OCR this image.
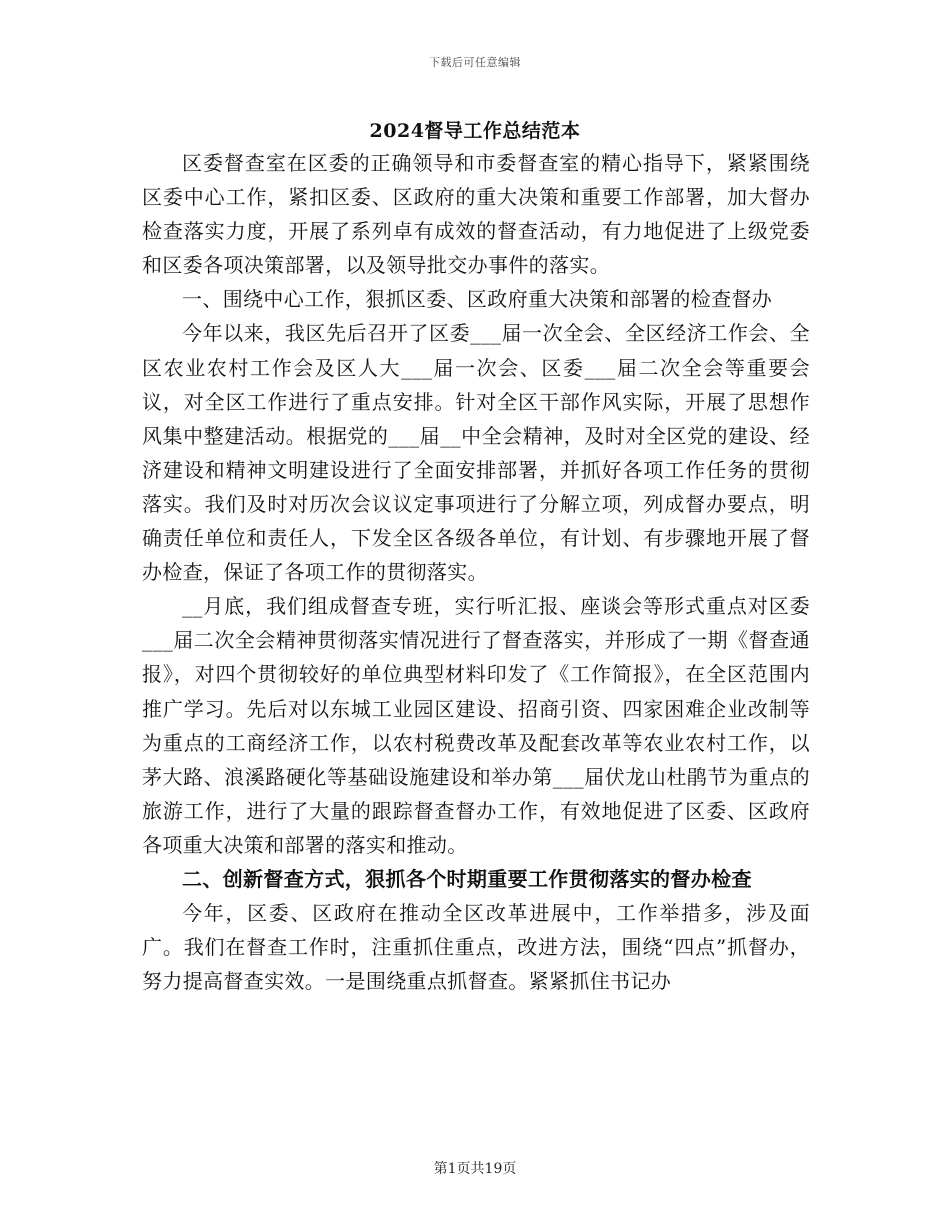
下载后可任意编辑
2024督导工作总结范本

区委督查室在区委的正确领导和市委督查室的精心指导下，紧紧围绕区委中心工作，紧扣区委、区政府的重大决策和重要工作部署，加大督办检查落实力度，开展了系列卓有成效的督查活动，有力地促进了上级党委和区委各项决策部署，以及领导批交办事件的落实。

一、围绕中心工作，狠抓区委、区政府重大决策和部署的检查督办

今年以来，我区先后召开了区委___届一次全会、全区经济工作会、全区农业农村工作会及区人大___届一次会、区委___届二次全会等重要会议，对全区工作进行了重点安排。针对全区干部作风实际，开展了思想作风集中整建活动。根据党的___届__中全会精神，及时对全区党的建设、经济建设和精神文明建设进行了全面安排部署，并抓好各项工作任务的贯彻落实。我们及时对历次会议议定事项进行了分解立项，列成督办要点，明确责任单位和责任人，下发全区各级各单位，有计划、有步骤地开展了督办检查，保证了各项工作的贯彻落实。

__月底，我们组成督查专班，实行听汇报、座谈会等形式重点对区委___届二次全会精神贯彻落实情况进行了督查落实，并形成了一期《督查通报》，对四个贯彻较好的单位典型材料印发了《工作简报》，在全区范围内推广学习。先后对以东城工业园区建设、招商引资、四家困难企业改制等为重点的工商经济工作，以农村税费改革及配套改革等农业农村工作，以茅大路、浪溪路硬化等基础设施建设和举办第___届伏龙山杜鹃节为重点的旅游工作，进行了大量的跟踪督查督办工作，有效地促进了区委、区政府各项重大决策和部署的落实和推动。

二、创新督查方式，狠抓各个时期重要工作贯彻落实的督办检查

今年，区委、区政府在推动全区改革进展中，工作举措多，涉及面广。我们在督查工作时，注重抓住重点，改进方法，围绕“四点”抓督办，努力提高督查实效。一是围绕重点抓督查。紧紧抓住书记办

第1页共19页
